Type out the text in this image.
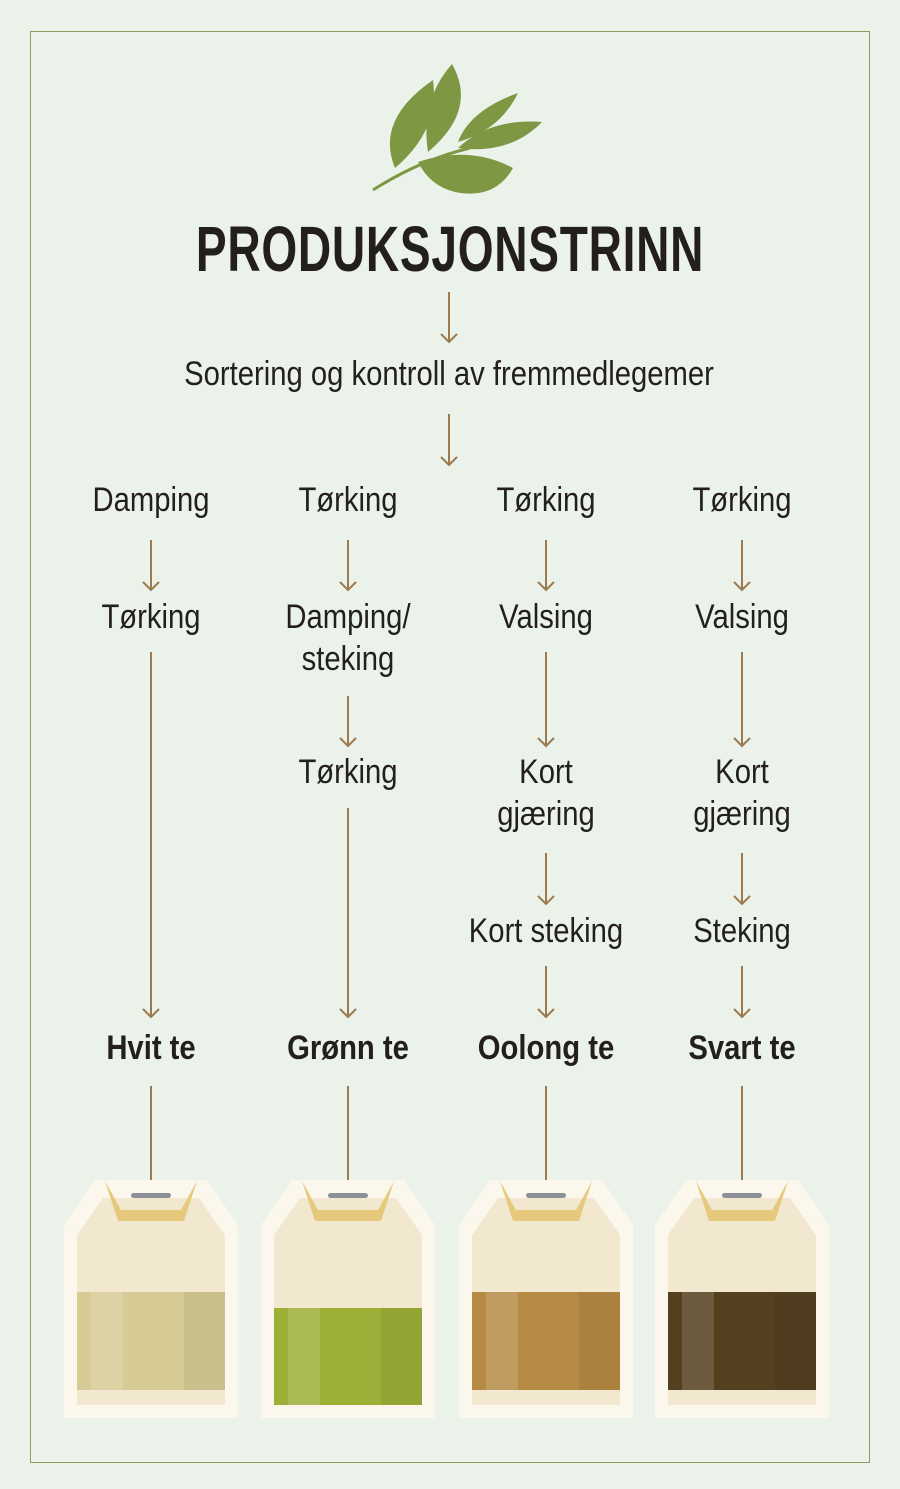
PRODUKSJONSTRINN
Sortering og kontroll av fremmedlegemer
Damping
Tørking
Hvit te
Tørking
Damping/
steking
Tørking
Grønn te
Tørking
Valsing
Kort
gjæring
Kort steking
Oolong te
Tørking
Valsing
Kort
gjæring
Steking
Svart te
